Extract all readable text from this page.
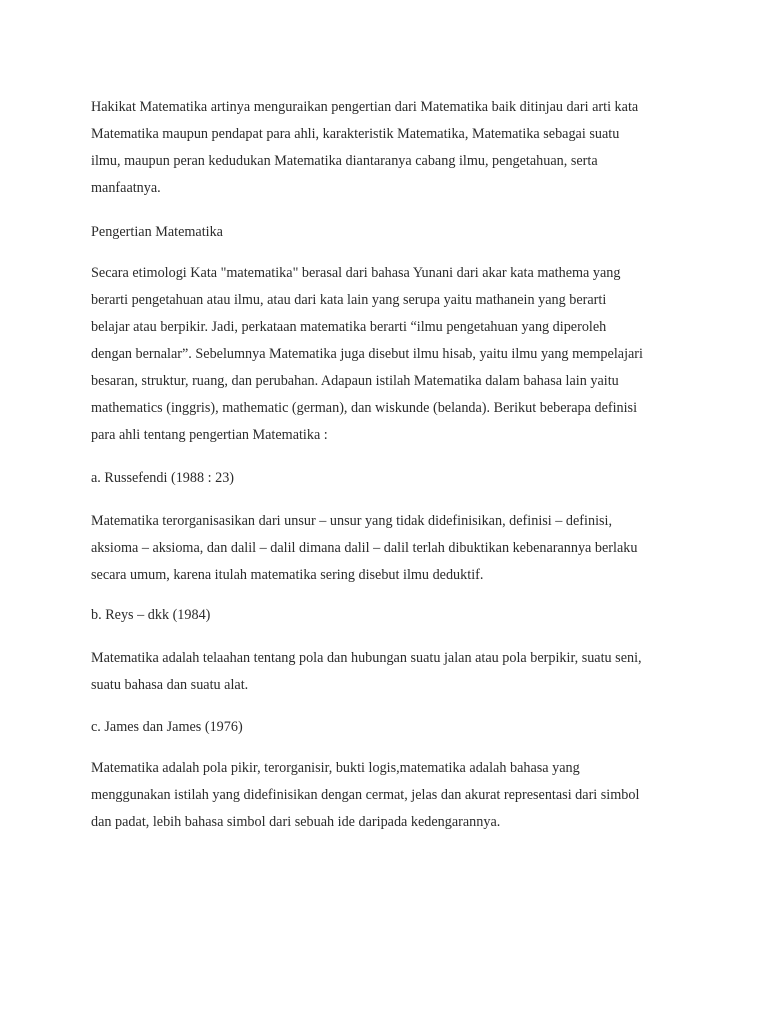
Hakikat Matematika artinya menguraikan pengertian dari Matematika baik ditinjau dari arti kata
Matematika maupun pendapat para ahli, karakteristik Matematika, Matematika sebagai suatu
ilmu, maupun peran kedudukan Matematika diantaranya cabang ilmu, pengetahuan, serta
manfaatnya.
Pengertian Matematika
Secara etimologi Kata "matematika" berasal dari bahasa Yunani dari akar kata mathema yang
berarti pengetahuan atau ilmu, atau dari kata lain yang serupa yaitu mathanein yang berarti
belajar atau berpikir. Jadi, perkataan matematika berarti “ilmu pengetahuan yang diperoleh
dengan bernalar”. Sebelumnya Matematika juga disebut ilmu hisab, yaitu ilmu yang mempelajari
besaran, struktur, ruang, dan perubahan. Adapaun istilah Matematika dalam bahasa lain yaitu
mathematics (inggris), mathematic (german), dan wiskunde (belanda). Berikut beberapa definisi
para ahli tentang pengertian Matematika :
a. Russefendi (1988 : 23)
Matematika terorganisasikan dari unsur – unsur yang tidak didefinisikan, definisi – definisi,
aksioma – aksioma, dan dalil – dalil dimana dalil – dalil terlah dibuktikan kebenarannya berlaku
secara umum, karena itulah matematika sering disebut ilmu deduktif.
b. Reys – dkk (1984)
Matematika adalah telaahan tentang pola dan hubungan suatu jalan atau pola berpikir, suatu seni,
suatu bahasa dan suatu alat.
c. James dan James (1976)
Matematika adalah pola pikir, terorganisir, bukti logis,matematika adalah bahasa yang
menggunakan istilah yang didefinisikan dengan cermat, jelas dan akurat representasi dari simbol
dan padat, lebih bahasa simbol dari sebuah ide daripada kedengarannya.
